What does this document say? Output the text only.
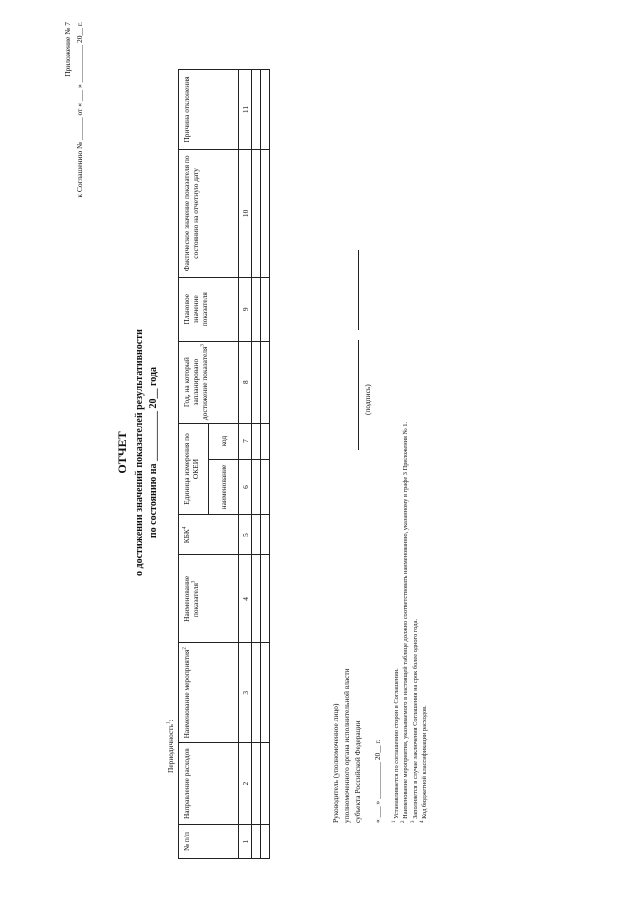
Приложение № 7 к Соглашению № ______ от « ___ » __________ 20__ г.
ОТЧЕТ о достижении значений показателей результативности по состоянию на __________ 20__ года
Периодичность$^1$:
№ п/п	Направление расходов	Наименование мероприятия$^2$	Наименование показателя$^3$	КБК$^4$	Единица измерения по ОКЕИ		Год, на который запланировано достижение показателя$^3$	Плановое значение показателя	Фактическое значение показателя по состоянию на отчетную дату	Причина отклонения
					наименование	код				
1	2	3	4	5	6	7	8	9	10	11

Руководитель (уполномоченное лицо) уполномоченного органа исполнительной власти субъекта Российской Федерации
(подпись)
« ___ » __________ 20__ г. $^1$ Устанавливается по соглашению сторон в Соглашении.
$^2$ Наименование мероприятия, указываемого в настоящей таблице должно соответствовать наименованию, указанному в графе 3 Приложения № 1.
$^3$ Заполняется в случае заключения Соглашения на срок более одного года.
$^4$ Код бюджетной классификации расходов.
